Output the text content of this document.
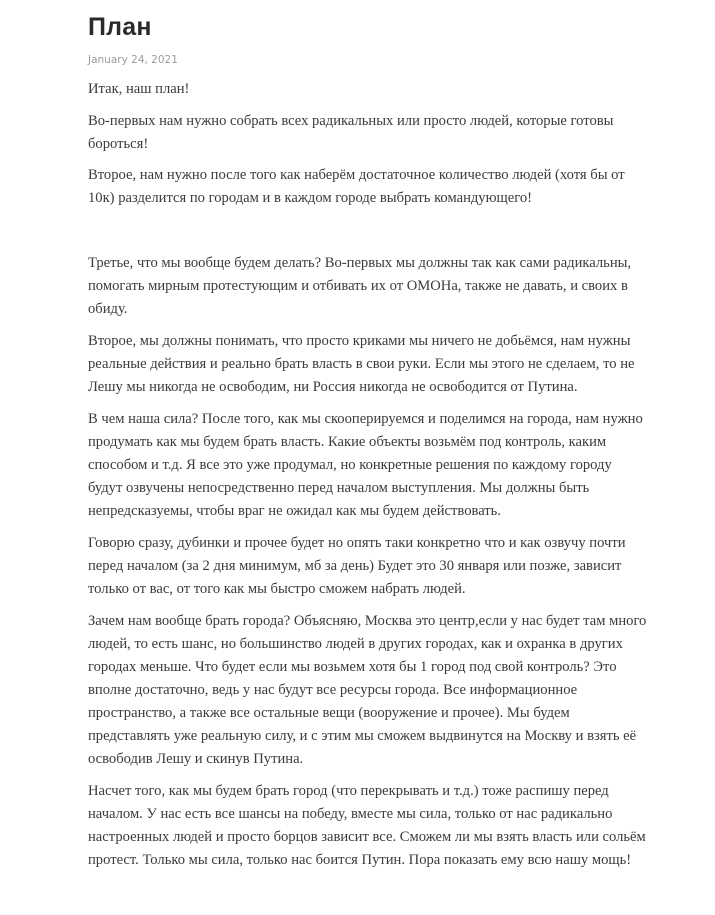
План
January 24, 2021

Итак, наш план!

Во-первых нам нужно собрать всех радикальных или просто людей, которые готовы бороться!

Второе, нам нужно после того как наберём достаточное количество людей (хотя бы от 10к) разделится по городам и в каждом городе выбрать командующего!

Третье, что мы вообще будем делать? Во-первых мы должны так как сами радикальны, помогать мирным протестующим и отбивать их от ОМОНа, также не давать, и своих в обиду.

Второе, мы должны понимать, что просто криками мы ничего не добьёмся, нам нужны реальные действия и реально брать власть в свои руки. Если мы этого не сделаем, то не Лешу мы никогда не освободим, ни Россия никогда не освободится от Путина.

В чем наша сила? После того, как мы скооперируемся и поделимся на города, нам нужно продумать как мы будем брать власть. Какие объекты возьмём под контроль, каким способом и т.д. Я все это уже продумал, но конкретные решения по каждому городу будут озвучены непосредственно перед началом выступления. Мы должны быть непредсказуемы, чтобы враг не ожидал как мы будем действовать.

Говорю сразу, дубинки и прочее будет но опять таки конкретно что и как озвучу почти перед началом (за 2 дня минимум, мб за день) Будет это 30 января или позже, зависит только от вас, от того как мы быстро сможем набрать людей.

Зачем нам вообще брать города? Объясняю, Москва это центр,если у нас будет там много людей, то есть шанс, но большинство людей в других городах, как и охранка в других городах меньше. Что будет если мы возьмем хотя бы 1 город под свой контроль? Это вполне достаточно, ведь у нас будут все ресурсы города. Все информационное пространство, а также все остальные вещи (вооружение и прочее). Мы будем представлять уже реальную силу, и с этим мы сможем выдвинутся на Москву и взять её освободив Лешу и скинув Путина.

Насчет того, как мы будем брать город (что перекрывать и т.д.) тоже распишу перед началом. У нас есть все шансы на победу, вместе мы сила, только от нас радикально настроенных людей и просто борцов зависит все. Сможем ли мы взять власть или сольём протест. Только мы сила, только нас боится Путин. Пора показать ему всю нашу мощь!
